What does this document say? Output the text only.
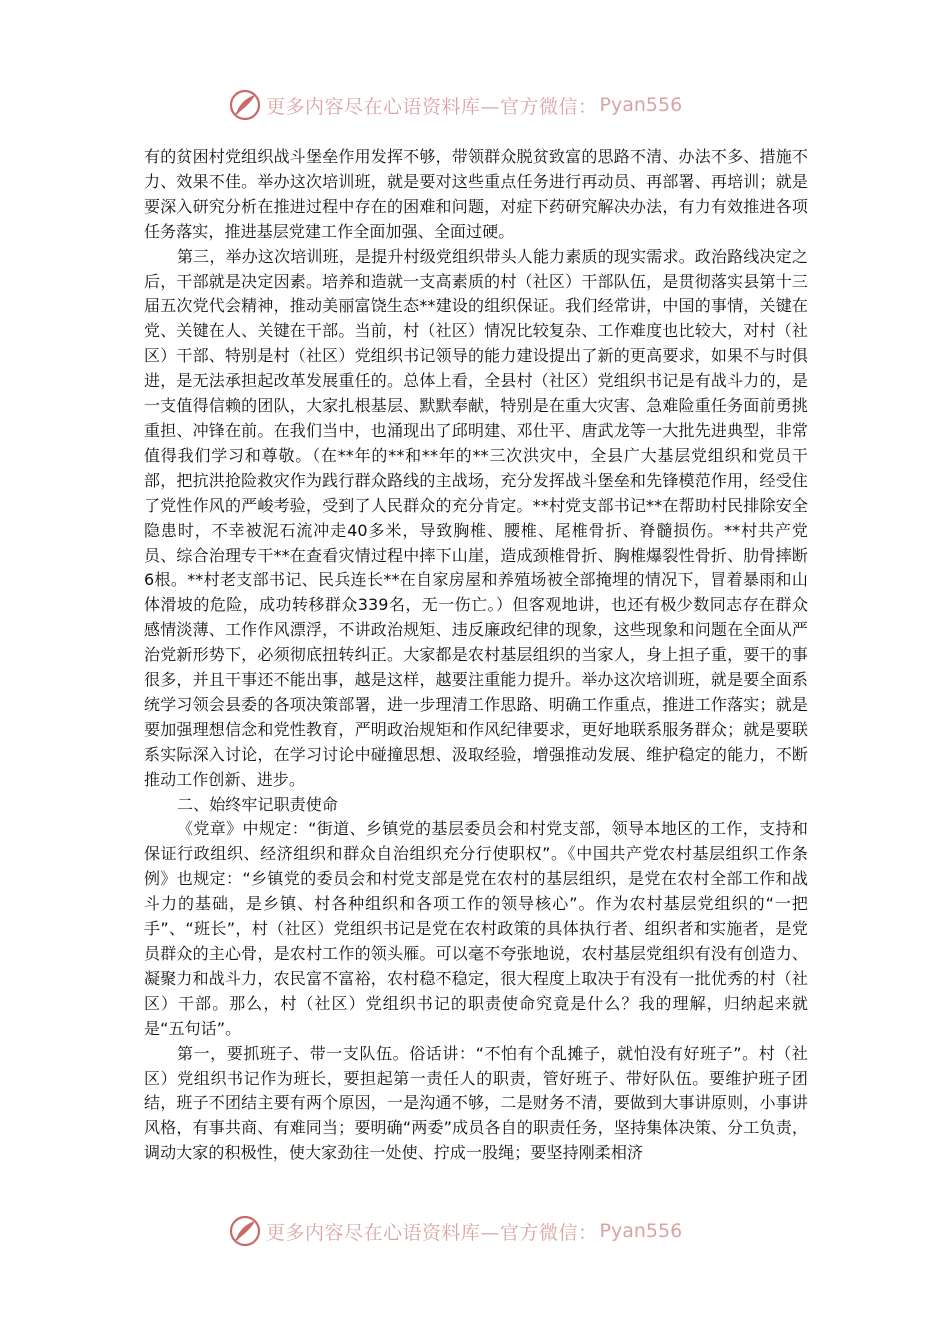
更多内容尽在心语资料库—官方微信： Pyan556

有的贫困村党组织战斗堡垒作用发挥不够，带领群众脱贫致富的思路不清、办法不多、措施不力、效果不佳。举办这次培训班，就是要对这些重点任务进行再动员、再部署、再培训；就是要深入研究分析在推进过程中存在的困难和问题，对症下药研究解决办法，有力有效推进各项任务落实，推进基层党建工作全面加强、全面过硬。

第三，举办这次培训班，是提升村级党组织带头人能力素质的现实需求。政治路线决定之后，干部就是决定因素。培养和造就一支高素质的村（社区）干部队伍，是贯彻落实县第十三届五次党代会精神，推动美丽富饶生态**建设的组织保证。我们经常讲，中国的事情，关键在党、关键在人、关键在干部。当前，村（社区）情况比较复杂、工作难度也比较大，对村（社区）干部、特别是村（社区）党组织书记领导的能力建设提出了新的更高要求，如果不与时俱进，是无法承担起改革发展重任的。总体上看，全县村（社区）党组织书记是有战斗力的，是一支值得信赖的团队，大家扎根基层、默默奉献，特别是在重大灾害、急难险重任务面前勇挑重担、冲锋在前。在我们当中，也涌现出了邱明建、邓仕平、唐武龙等一大批先进典型，非常值得我们学习和尊敬。（在**年的**和**年的**三次洪灾中，全县广大基层党组织和党员干部，把抗洪抢险救灾作为践行群众路线的主战场，充分发挥战斗堡垒和先锋模范作用，经受住了党性作风的严峻考验，受到了人民群众的充分肯定。**村党支部书记**在帮助村民排除安全隐患时，不幸被泥石流冲走40多米，导致胸椎、腰椎、尾椎骨折、脊髓损伤。**村共产党员、综合治理专干**在查看灾情过程中摔下山崖，造成颈椎骨折、胸椎爆裂性骨折、肋骨摔断6根。**村老支部书记、民兵连长**在自家房屋和养殖场被全部掩埋的情况下，冒着暴雨和山体滑坡的危险，成功转移群众339名，无一伤亡。）但客观地讲，也还有极少数同志存在群众感情淡薄、工作作风漂浮，不讲政治规矩、违反廉政纪律的现象，这些现象和问题在全面从严治党新形势下，必须彻底扭转纠正。大家都是农村基层组织的当家人，身上担子重，要干的事很多，并且干事还不能出事，越是这样，越要注重能力提升。举办这次培训班，就是要全面系统学习领会县委的各项决策部署，进一步理清工作思路、明确工作重点，推进工作落实；就是要加强理想信念和党性教育，严明政治规矩和作风纪律要求，更好地联系服务群众；就是要联系实际深入讨论，在学习讨论中碰撞思想、汲取经验，增强推动发展、维护稳定的能力，不断推动工作创新、进步。

二、始终牢记职责使命

《党章》中规定：“街道、乡镇党的基层委员会和村党支部，领导本地区的工作，支持和保证行政组织、经济组织和群众自治组织充分行使职权”。《中国共产党农村基层组织工作条例》也规定：“乡镇党的委员会和村党支部是党在农村的基层组织，是党在农村全部工作和战斗力的基础，是乡镇、村各种组织和各项工作的领导核心”。作为农村基层党组织的“一把手”、“班长”，村（社区）党组织书记是党在农村政策的具体执行者、组织者和实施者，是党员群众的主心骨，是农村工作的领头雁。可以毫不夸张地说，农村基层党组织有没有创造力、凝聚力和战斗力，农民富不富裕，农村稳不稳定，很大程度上取决于有没有一批优秀的村（社区）干部。那么，村（社区）党组织书记的职责使命究竟是什么？我的理解，归纳起来就是“五句话”。

第一，要抓班子、带一支队伍。俗话讲：“不怕有个乱摊子，就怕没有好班子”。村（社区）党组织书记作为班长，要担起第一责任人的职责，管好班子、带好队伍。要维护班子团结，班子不团结主要有两个原因，一是沟通不够，二是财务不清，要做到大事讲原则，小事讲风格，有事共商、有难同当；要明确“两委”成员各自的职责任务，坚持集体决策、分工负责，调动大家的积极性，使大家劲往一处使、拧成一股绳；要坚持刚柔相济

更多内容尽在心语资料库—官方微信： Pyan556
